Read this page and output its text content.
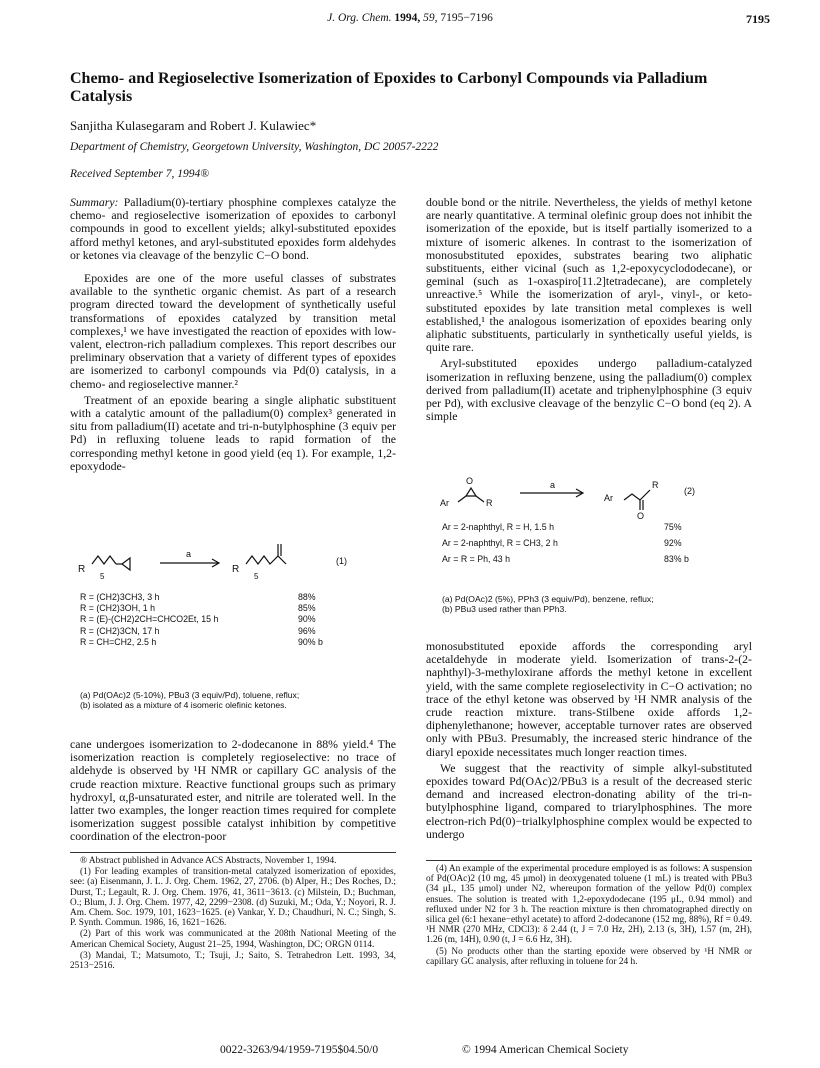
J. Org. Chem. 1994, 59, 7195−7196	7195
Chemo- and Regioselective Isomerization of Epoxides to Carbonyl Compounds via Palladium Catalysis
Sanjitha Kulasegaram and Robert J. Kulawiec*
Department of Chemistry, Georgetown University, Washington, DC 20057-2222
Received September 7, 1994®

Summary: Palladium(0)-tertiary phosphine complexes catalyze the chemo- and regioselective isomerization of epoxides to carbonyl compounds in good to excellent yields; alkyl-substituted epoxides afford methyl ketones, and aryl-substituted epoxides form aldehydes or ketones via cleavage of the benzylic C−O bond.

Epoxides are one of the more useful classes of substrates available to the synthetic organic chemist. As part of a research program directed toward the development of synthetically useful transformations of epoxides catalyzed by transition metal complexes,¹ we have investigated the reaction of epoxides with low-valent, electron-rich palladium complexes. This report describes our preliminary observation that a variety of different types of epoxides are isomerized to carbonyl compounds via Pd(0) catalysis, in a chemo- and regioselective manner.²

Treatment of an epoxide bearing a single aliphatic substituent with a catalytic amount of the palladium(0) complex³ generated in situ from palladium(II) acetate and tri-n-butylphosphine (3 equiv per Pd) in refluxing toluene leads to rapid formation of the corresponding methyl ketone in good yield (eq 1). For example, 1,2-epoxydode-

R
5
a
R
5
(1)
R = (CH2)3CH3, 3 h	88%
R = (CH2)3OH, 1 h	85%
R = (E)-(CH2)2CH=CHCO2Et, 15 h	90%
R = (CH2)3CN, 17 h	96%
R = CH=CH2, 2.5 h	90% b
(a) Pd(OAc)2 (5-10%), PBu3 (3 equiv/Pd), toluene, reflux; (b) isolated as a mixture of 4 isomeric olefinic ketones.

cane undergoes isomerization to 2-dodecanone in 88% yield.⁴ The isomerization reaction is completely regioselective: no trace of aldehyde is observed by ¹H NMR or capillary GC analysis of the crude reaction mixture. Reactive functional groups such as primary hydroxyl, α,β-unsaturated ester, and nitrile are tolerated well. In the latter two examples, the longer reaction times required for complete isomerization suggest possible catalyst inhibition by competitive coordination of the electron-poor

® Abstract published in Advance ACS Abstracts, November 1, 1994.

(1) For leading examples of transition-metal catalyzed isomerization of epoxides, see: (a) Eisenmann, J. L. J. Org. Chem. 1962, 27, 2706. (b) Alper, H.; Des Roches, D.; Durst, T.; Legault, R. J. Org. Chem. 1976, 41, 3611−3613. (c) Milstein, D.; Buchman, O.; Blum, J. J. Org. Chem. 1977, 42, 2299−2308. (d) Suzuki, M.; Oda, Y.; Noyori, R. J. Am. Chem. Soc. 1979, 101, 1623−1625. (e) Vankar, Y. D.; Chaudhuri, N. C.; Singh, S. P. Synth. Commun. 1986, 16, 1621−1626.

(2) Part of this work was communicated at the 208th National Meeting of the American Chemical Society, August 21–25, 1994, Washington, DC; ORGN 0114.

(3) Mandai, T.; Matsumoto, T.; Tsuji, J.; Saito, S. Tetrahedron Lett. 1993, 34, 2513−2516.

double bond or the nitrile. Nevertheless, the yields of methyl ketone are nearly quantitative. A terminal olefinic group does not inhibit the isomerization of the epoxide, but is itself partially isomerized to a mixture of isomeric alkenes. In contrast to the isomerization of monosubstituted epoxides, substrates bearing two aliphatic substituents, either vicinal (such as 1,2-epoxycyclododecane), or geminal (such as 1-oxaspiro[11.2]tetradecane), are completely unreactive.⁵ While the isomerization of aryl-, vinyl-, or keto-substituted epoxides by late transition metal complexes is well established,¹ the analogous isomerization of epoxides bearing only aliphatic substituents, particularly in synthetically useful yields, is quite rare.

Aryl-substituted epoxides undergo palladium-catalyzed isomerization in refluxing benzene, using the palladium(0) complex derived from palladium(II) acetate and triphenylphosphine (3 equiv per Pd), with exclusive cleavage of the benzylic C−O bond (eq 2). A simple

O
Ar	R
a
Ar
R
O
(2)
Ar = 2-naphthyl, R = H, 1.5 h	75%
Ar = 2-naphthyl, R = CH3, 2 h	92%
Ar = R = Ph, 43 h	83% b
(a) Pd(OAc)2 (5%), PPh3 (3 equiv/Pd), benzene, reflux; (b) PBu3 used rather than PPh3.

monosubstituted epoxide affords the corresponding aryl acetaldehyde in moderate yield. Isomerization of trans-2-(2-naphthyl)-3-methyloxirane affords the methyl ketone in excellent yield, with the same complete regioselectivity in C−O activation; no trace of the ethyl ketone was observed by ¹H NMR analysis of the crude reaction mixture. trans-Stilbene oxide affords 1,2-diphenylethanone; however, acceptable turnover rates are observed only with PBu3. Presumably, the increased steric hindrance of the diaryl epoxide necessitates much longer reaction times.

We suggest that the reactivity of simple alkyl-substituted epoxides toward Pd(OAc)2/PBu3 is a result of the decreased steric demand and increased electron-donating ability of the tri-n-butylphosphine ligand, compared to triarylphosphines. The more electron-rich Pd(0)−trialkylphosphine complex would be expected to undergo

(4) An example of the experimental procedure employed is as follows: A suspension of Pd(OAc)2 (10 mg, 45 μmol) in deoxygenated toluene (1 mL) is treated with PBu3 (34 μL, 135 μmol) under N2, whereupon formation of the yellow Pd(0) complex ensues. The solution is treated with 1,2-epoxydodecane (195 μL, 0.94 mmol) and refluxed under N2 for 3 h. The reaction mixture is then chromatographed directly on silica gel (6:1 hexane−ethyl acetate) to afford 2-dodecanone (152 mg, 88%), Rf = 0.49. ¹H NMR (270 MHz, CDCl3): δ 2.44 (t, J = 7.0 Hz, 2H), 2.13 (s, 3H), 1.57 (m, 2H), 1.26 (m, 14H), 0.90 (t, J = 6.6 Hz, 3H).

(5) No products other than the starting epoxide were observed by ¹H NMR or capillary GC analysis, after refluxing in toluene for 24 h.

0022-3263/94/1959-7195$04.50/0	© 1994 American Chemical Society
